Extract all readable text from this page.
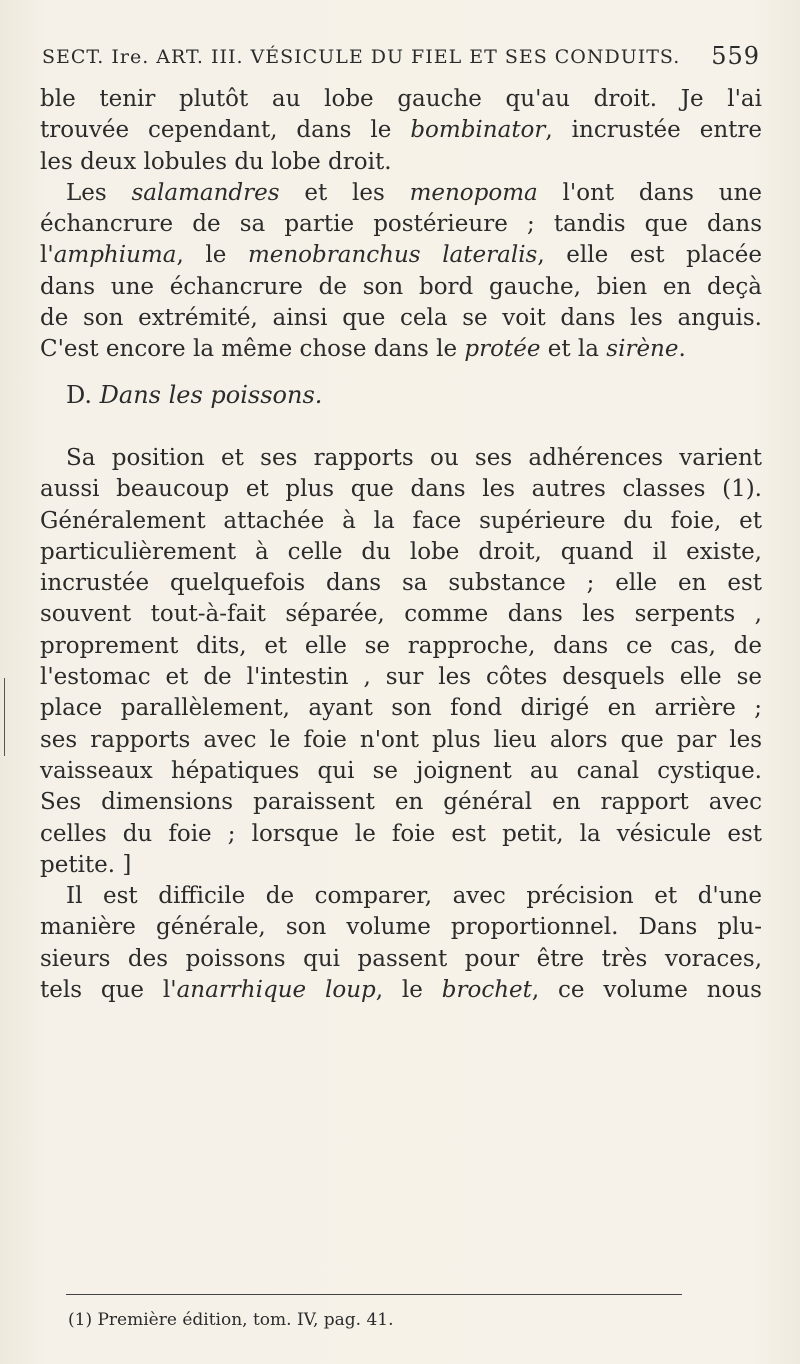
SECT. Ire. ART. III. VÉSICULE DU FIEL ET SES CONDUITS. 559
ble tenir plutôt au lobe gauche qu'au droit. Je l'ai
trouvée cependant, dans le bombinator, incrustée entre
les deux lobules du lobe droit.
Les salamandres et les menopoma l'ont dans une
échancrure de sa partie postérieure ; tandis que dans
l'amphiuma, le menobranchus lateralis, elle est placée
dans une échancrure de son bord gauche, bien en deçà
de son extrémité, ainsi que cela se voit dans les anguis.
C'est encore la même chose dans le protée et la sirène.
D. Dans les poissons.
Sa position et ses rapports ou ses adhérences varient
aussi beaucoup et plus que dans les autres classes (1).
Généralement attachée à la face supérieure du foie, et
particulièrement à celle du lobe droit, quand il existe,
incrustée quelquefois dans sa substance ; elle en est
souvent tout-à-fait séparée, comme dans les serpents ,
proprement dits, et elle se rapproche, dans ce cas, de
l'estomac et de l'intestin , sur les côtes desquels elle se
place parallèlement, ayant son fond dirigé en arrière ;
ses rapports avec le foie n'ont plus lieu alors que par les
vaisseaux hépatiques qui se joignent au canal cystique.
Ses dimensions paraissent en général en rapport avec
celles du foie ; lorsque le foie est petit, la vésicule est
petite. ]
Il est difficile de comparer, avec précision et d'une
manière générale, son volume proportionnel. Dans plu-
sieurs des poissons qui passent pour être très voraces,
tels que l'anarrhique loup, le brochet, ce volume nous
(1) Première édition, tom. IV, pag. 41.
